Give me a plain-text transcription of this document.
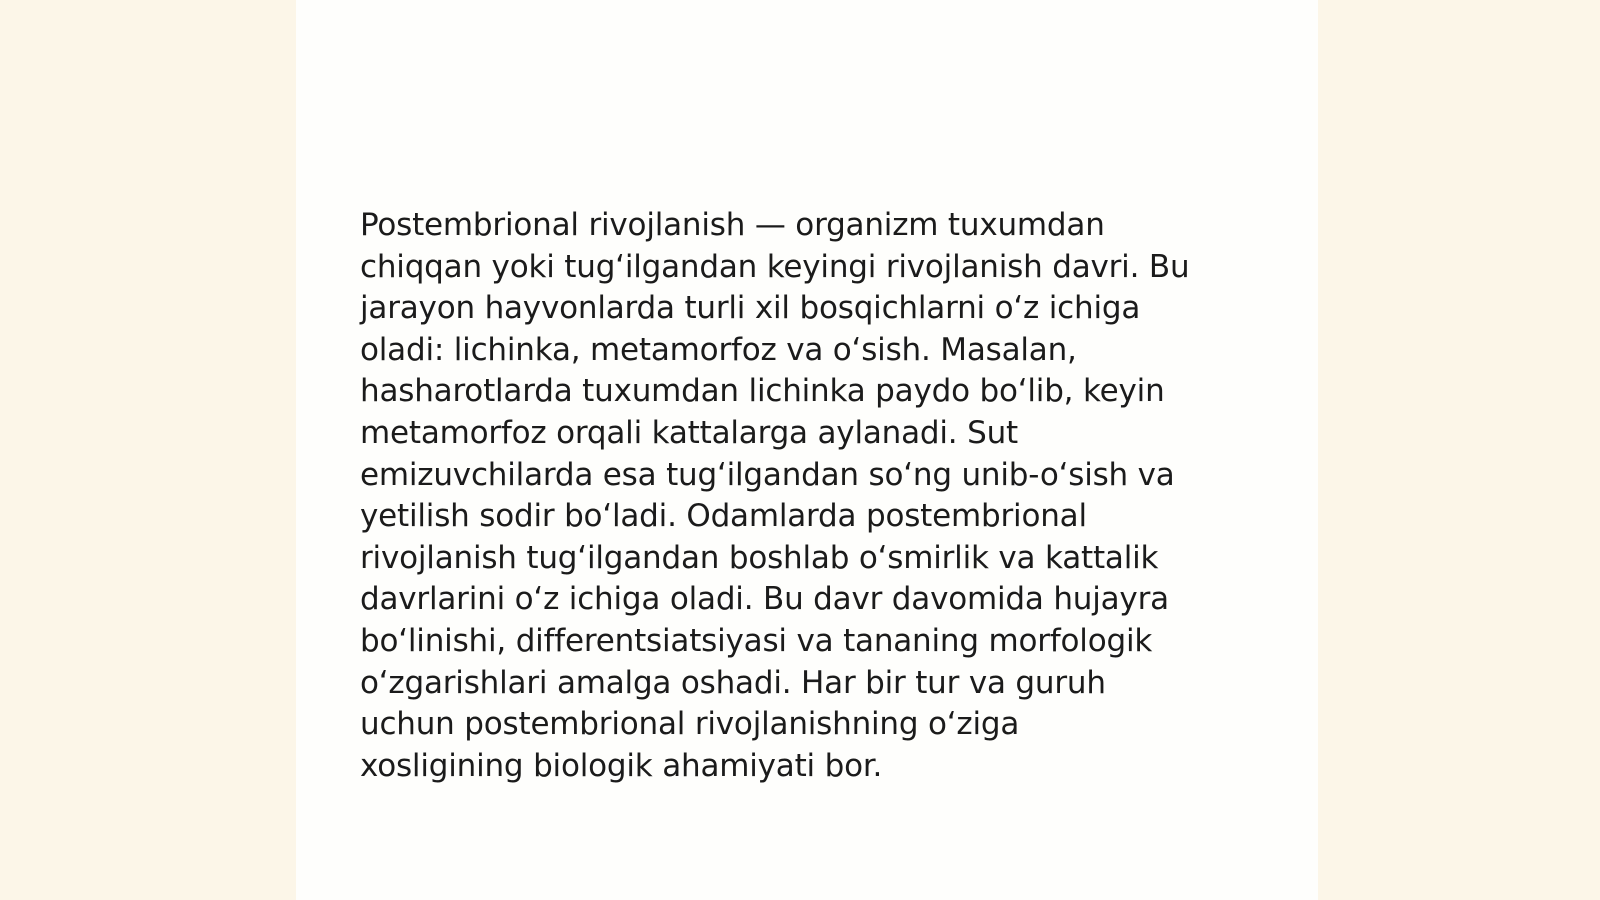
Postembrional rivojlanish — organizm tuxumdan
chiqqan yoki tugʻilgandan keyingi rivojlanish davri. Bu
jarayon hayvonlarda turli xil bosqichlarni oʻz ichiga
oladi: lichinka, metamorfoz va oʻsish. Masalan,
hasharotlarda tuxumdan lichinka paydo boʻlib, keyin
metamorfoz orqali kattalarga aylanadi. Sut
emizuvchilarda esa tugʻilgandan soʻng unib-oʻsish va
yetilish sodir boʻladi. Odamlarda postembrional
rivojlanish tugʻilgandan boshlab oʻsmirlik va kattalik
davrlarini oʻz ichiga oladi. Bu davr davomida hujayra
boʻlinishi, differentsiatsiyasi va tananing morfologik
oʻzgarishlari amalga oshadi. Har bir tur va guruh
uchun postembrional rivojlanishning oʻziga
xosligining biologik ahamiyati bor.
